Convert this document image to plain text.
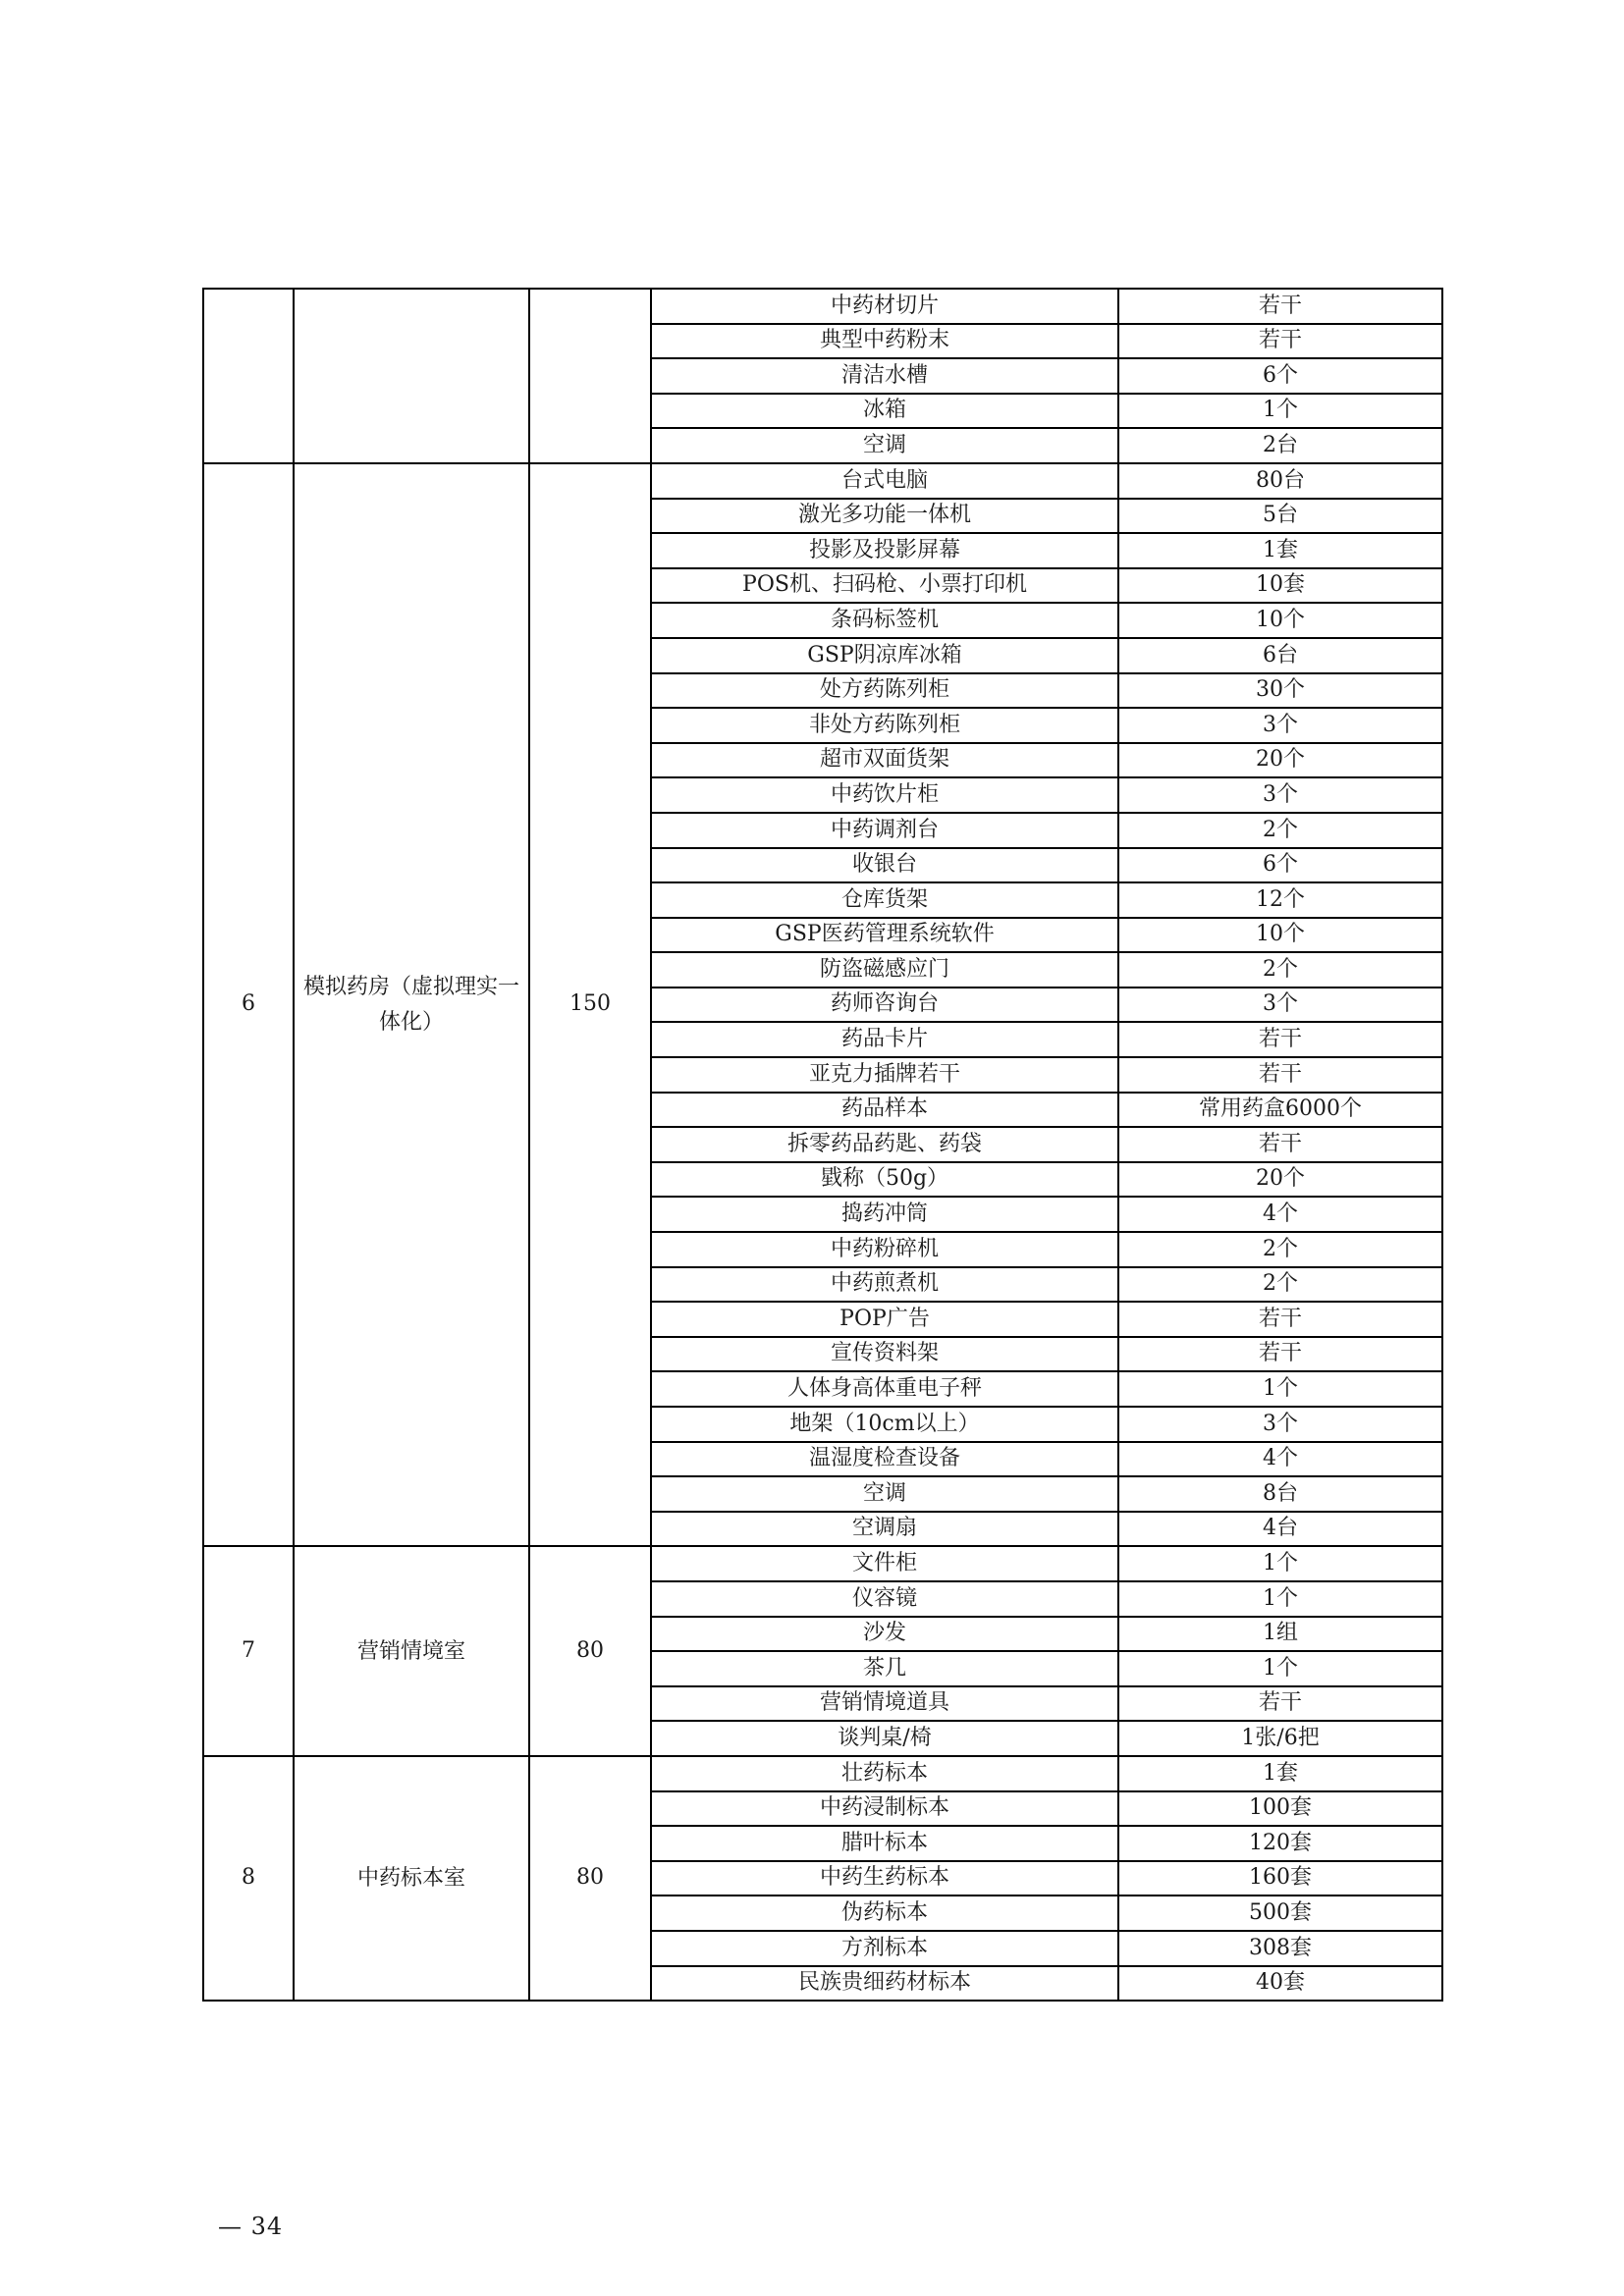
			中药材切片	若干
			典型中药粉末	若干
			清洁水槽	6个
			冰箱	1个
			空调	2台
6	模拟药房（虚拟理实一体化）	150	台式电脑	80台
			激光多功能一体机	5台
			投影及投影屏幕	1套
			POS机、扫码枪、小票打印机	10套
			条码标签机	10个
			GSP阴凉库冰箱	6台
			处方药陈列柜	30个
			非处方药陈列柜	3个
			超市双面货架	20个
			中药饮片柜	3个
			中药调剂台	2个
			收银台	6个
			仓库货架	12个
			GSP医药管理系统软件	10个
			防盗磁感应门	2个
			药师咨询台	3个
			药品卡片	若干
			亚克力插牌若干	若干
			药品样本	常用药盒6000个
			拆零药品药匙、药袋	若干
			戥称（50g）	20个
			捣药冲筒	4个
			中药粉碎机	2个
			中药煎煮机	2个
			POP广告	若干
			宣传资料架	若干
			人体身高体重电子秤	1个
			地架（10cm以上）	3个
			温湿度检查设备	4个
			空调	8台
			空调扇	4台
7	营销情境室	80	文件柜	1个
			仪容镜	1个
			沙发	1组
			茶几	1个
			营销情境道具	若干
			谈判桌/椅	1张/6把
8	中药标本室	80	壮药标本	1套
			中药浸制标本	100套
			腊叶标本	120套
			中药生药标本	160套
			伪药标本	500套
			方剂标本	308套
			民族贵细药材标本	40套
— 34
